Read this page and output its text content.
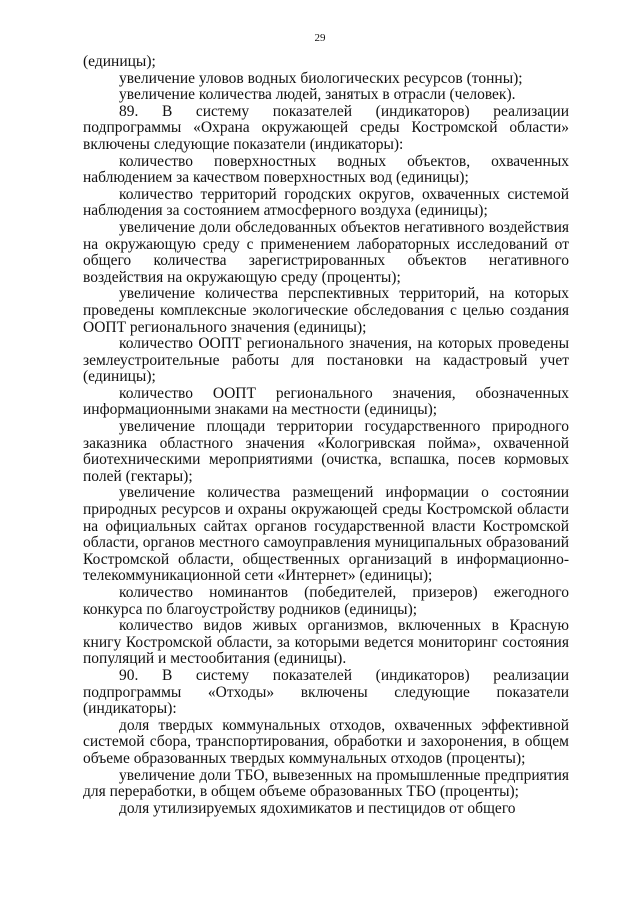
29

(единицы);

увеличение уловов водных биологических ресурсов (тонны);

увеличение количества людей, занятых в отрасли (человек).

89. В систему показателей (индикаторов) реализации подпрограммы «Охрана окружающей среды Костромской области» включены следующие показатели (индикаторы):

количество поверхностных водных объектов, охваченных наблюдением за качеством поверхностных вод (единицы);

количество территорий городских округов, охваченных системой наблюдения за состоянием атмосферного воздуха (единицы);

увеличение доли обследованных объектов негативного воздействия на окружающую среду с применением лабораторных исследований от общего количества зарегистрированных объектов негативного воздействия на окружающую среду (проценты);

увеличение количества перспективных территорий, на которых проведены комплексные экологические обследования с целью создания ООПТ регионального значения (единицы);

количество ООПТ регионального значения, на которых проведены землеустроительные работы для постановки на кадастровый учет (единицы);

количество ООПТ регионального значения, обозначенных информационными знаками на местности (единицы);

увеличение площади территории государственного природного заказника областного значения «Кологривская пойма», охваченной биотехническими мероприятиями (очистка, вспашка, посев кормовых полей (гектары);

увеличение количества размещений информации о состоянии природных ресурсов и охраны окружающей среды Костромской области на официальных сайтах органов государственной власти Костромской области, органов местного самоуправления муниципальных образований Костромской области, общественных организаций в информационно-телекоммуникационной сети «Интернет» (единицы);

количество номинантов (победителей, призеров) ежегодного конкурса по благоустройству родников (единицы);

количество видов живых организмов, включенных в Красную книгу Костромской области, за которыми ведется мониторинг состояния популяций и местообитания (единицы).

90. В систему показателей (индикаторов) реализации подпрограммы «Отходы» включены следующие показатели (индикаторы):

доля твердых коммунальных отходов, охваченных эффективной системой сбора, транспортирования, обработки и захоронения, в общем объеме образованных твердых коммунальных отходов (проценты);

увеличение доли ТБО, вывезенных на промышленные предприятия для переработки, в общем объеме образованных ТБО (проценты);

доля утилизируемых ядохимикатов и пестицидов от общего
